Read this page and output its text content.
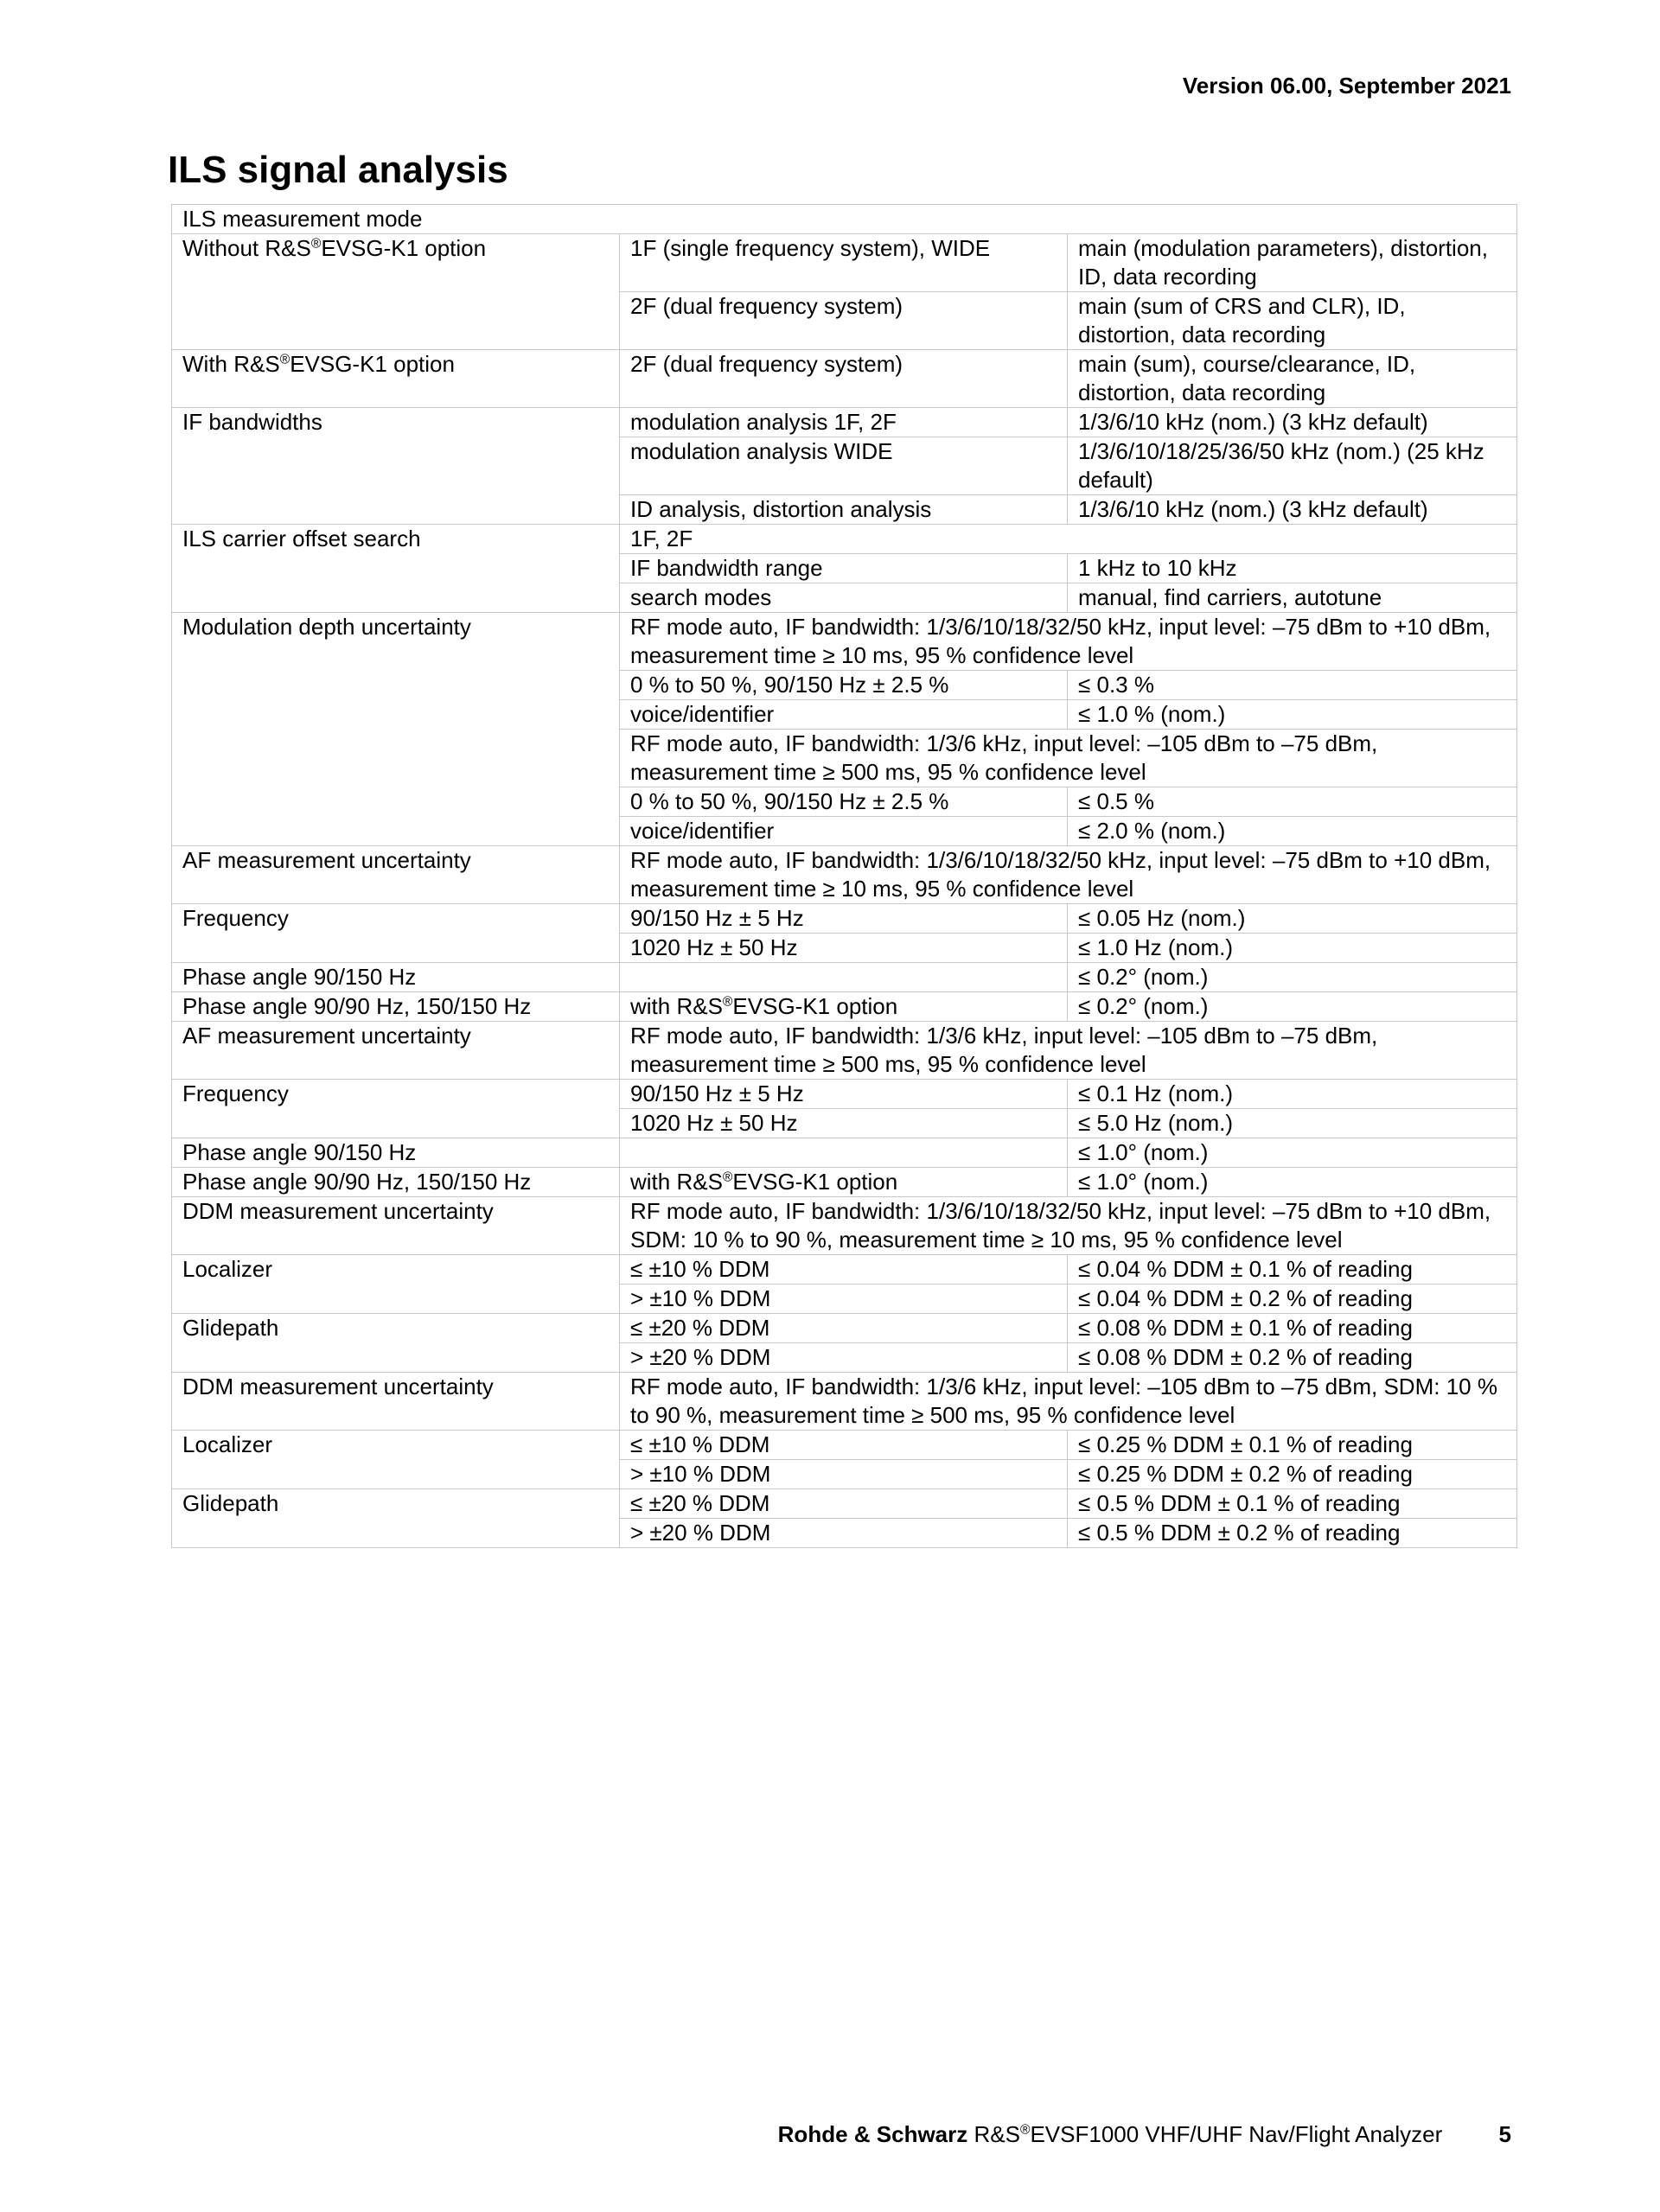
Version 06.00, September 2021
ILS signal analysis
ILS measurement mode		
Without R&S®EVSG-K1 option	1F (single frequency system), WIDE	main (modulation parameters), distortion, ID, data recording
	2F (dual frequency system)	main (sum of CRS and CLR), ID, distortion, data recording
With R&S®EVSG-K1 option	2F (dual frequency system)	main (sum), course/clearance, ID, distortion, data recording
IF bandwidths	modulation analysis 1F, 2F	1/3/6/10 kHz (nom.) (3 kHz default)
	modulation analysis WIDE	1/3/6/10/18/25/36/50 kHz (nom.) (25 kHz default)
	ID analysis, distortion analysis	1/3/6/10 kHz (nom.) (3 kHz default)
ILS carrier offset search	1F, 2F	
	IF bandwidth range	1 kHz to 10 kHz
	search modes	manual, find carriers, autotune
Modulation depth uncertainty	RF mode auto, IF bandwidth: 1/3/6/10/18/32/50 kHz, input level: –75 dBm to +10 dBm, measurement time ≥ 10 ms, 95 % confidence level	
	0 % to 50 %, 90/150 Hz ± 2.5 %	≤ 0.3 %
	voice/identifier	≤ 1.0 % (nom.)
	RF mode auto, IF bandwidth: 1/3/6 kHz, input level: –105 dBm to –75 dBm, measurement time ≥ 500 ms, 95 % confidence level	
	0 % to 50 %, 90/150 Hz ± 2.5 %	≤ 0.5 %
	voice/identifier	≤ 2.0 % (nom.)
AF measurement uncertainty	RF mode auto, IF bandwidth: 1/3/6/10/18/32/50 kHz, input level: –75 dBm to +10 dBm, measurement time ≥ 10 ms, 95 % confidence level	
Frequency	90/150 Hz ± 5 Hz	≤ 0.05 Hz (nom.)
	1020 Hz ± 50 Hz	≤ 1.0 Hz (nom.)
Phase angle 90/150 Hz		≤ 0.2° (nom.)
Phase angle 90/90 Hz, 150/150 Hz	with R&S®EVSG-K1 option	≤ 0.2° (nom.)
AF measurement uncertainty	RF mode auto, IF bandwidth: 1/3/6 kHz, input level: –105 dBm to –75 dBm, measurement time ≥ 500 ms, 95 % confidence level	
Frequency	90/150 Hz ± 5 Hz	≤ 0.1 Hz (nom.)
	1020 Hz ± 50 Hz	≤ 5.0 Hz (nom.)
Phase angle 90/150 Hz		≤ 1.0° (nom.)
Phase angle 90/90 Hz, 150/150 Hz	with R&S®EVSG-K1 option	≤ 1.0° (nom.)
DDM measurement uncertainty	RF mode auto, IF bandwidth: 1/3/6/10/18/32/50 kHz, input level: –75 dBm to +10 dBm, SDM: 10 % to 90 %, measurement time ≥ 10 ms, 95 % confidence level	
Localizer	≤ ±10 % DDM	≤ 0.04 % DDM ± 0.1 % of reading
	> ±10 % DDM	≤ 0.04 % DDM ± 0.2 % of reading
Glidepath	≤ ±20 % DDM	≤ 0.08 % DDM ± 0.1 % of reading
	> ±20 % DDM	≤ 0.08 % DDM ± 0.2 % of reading
DDM measurement uncertainty	RF mode auto, IF bandwidth: 1/3/6 kHz, input level: –105 dBm to –75 dBm, SDM: 10 % to 90 %, measurement time ≥ 500 ms, 95 % confidence level	
Localizer	≤ ±10 % DDM	≤ 0.25 % DDM ± 0.1 % of reading
	> ±10 % DDM	≤ 0.25 % DDM ± 0.2 % of reading
Glidepath	≤ ±20 % DDM	≤ 0.5 % DDM ± 0.1 % of reading
	> ±20 % DDM	≤ 0.5 % DDM ± 0.2 % of reading
Rohde & Schwarz R&S®EVSF1000 VHF/UHF Nav/Flight Analyzer	5
